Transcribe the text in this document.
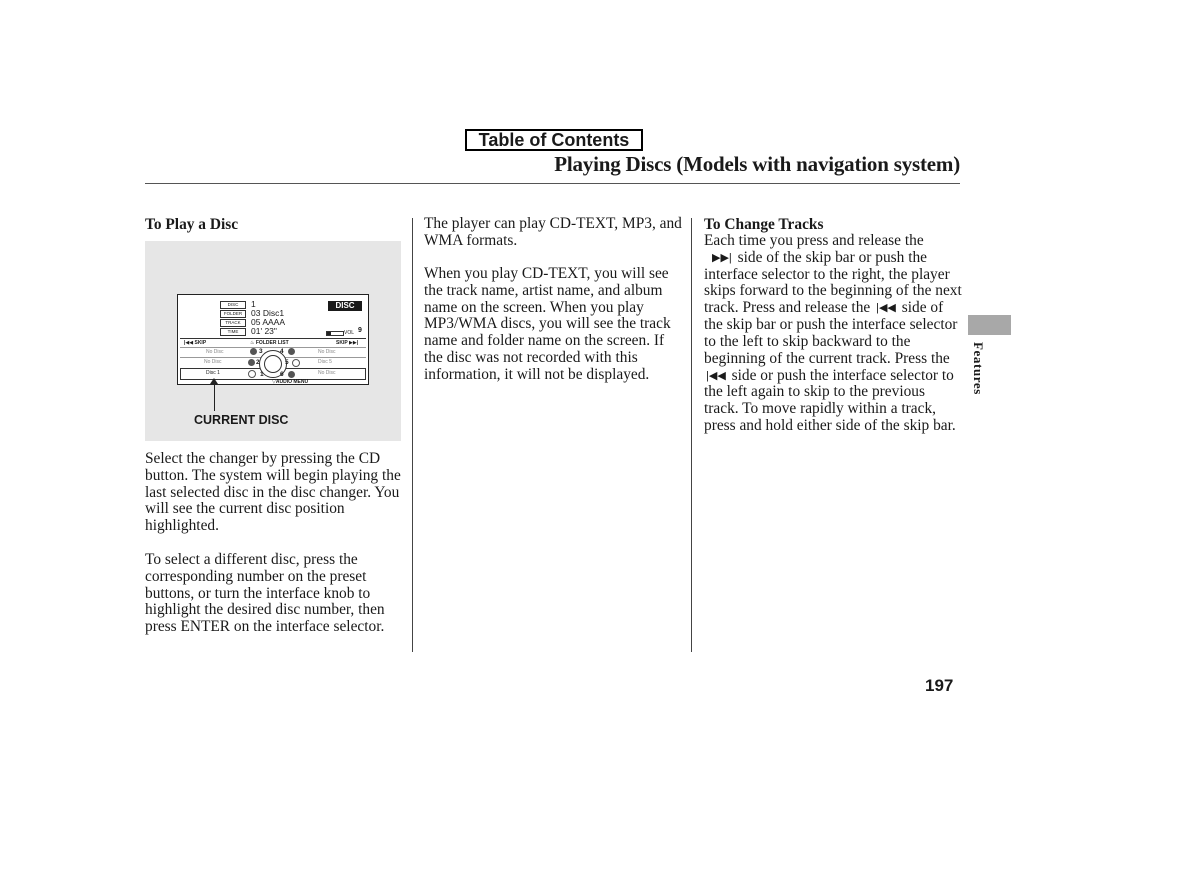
Table of Contents
Playing Discs (Models with navigation system)
To Play a Disc
DISC
FOLDER
TRACK
TIME
1
03 Disc1
05 AAAA
01' 23"
DISC
VOL 9
|◀◀ SKIP	♨ FOLDER LIST	SKIP ▶▶|
No Disc
No Disc
Disc 1
No Disc
Disc 5
No Disc
3	4
2	5
1	6
▽AUDIO MENU
CURRENT DISC
Select the changer by pressing the CD button. The system will begin playing the last selected disc in the disc changer. You will see the current disc position highlighted.
To select a different disc, press the corresponding number on the preset buttons, or turn the interface knob to highlight the desired disc number, then press ENTER on the interface selector.
The player can play CD-TEXT, MP3, and WMA formats.
When you play CD-TEXT, you will see the track name, artist name, and album name on the screen. When you play MP3/WMA discs, you will see the track name and folder name on the screen. If the disc was not recorded with this information, it will not be displayed.
To Change Tracks
Each time you press and release the
▶▶| side of the skip bar or push the interface selector to the right, the player skips forward to the beginning of the next track. Press and release the |◀◀ side of the skip bar or push the interface selector to the left to skip backward to the beginning of the current track. Press the |◀◀ side or push the interface selector to the left again to skip to the previous track. To move rapidly within a track, press and hold either side of the skip bar.
Features
197
